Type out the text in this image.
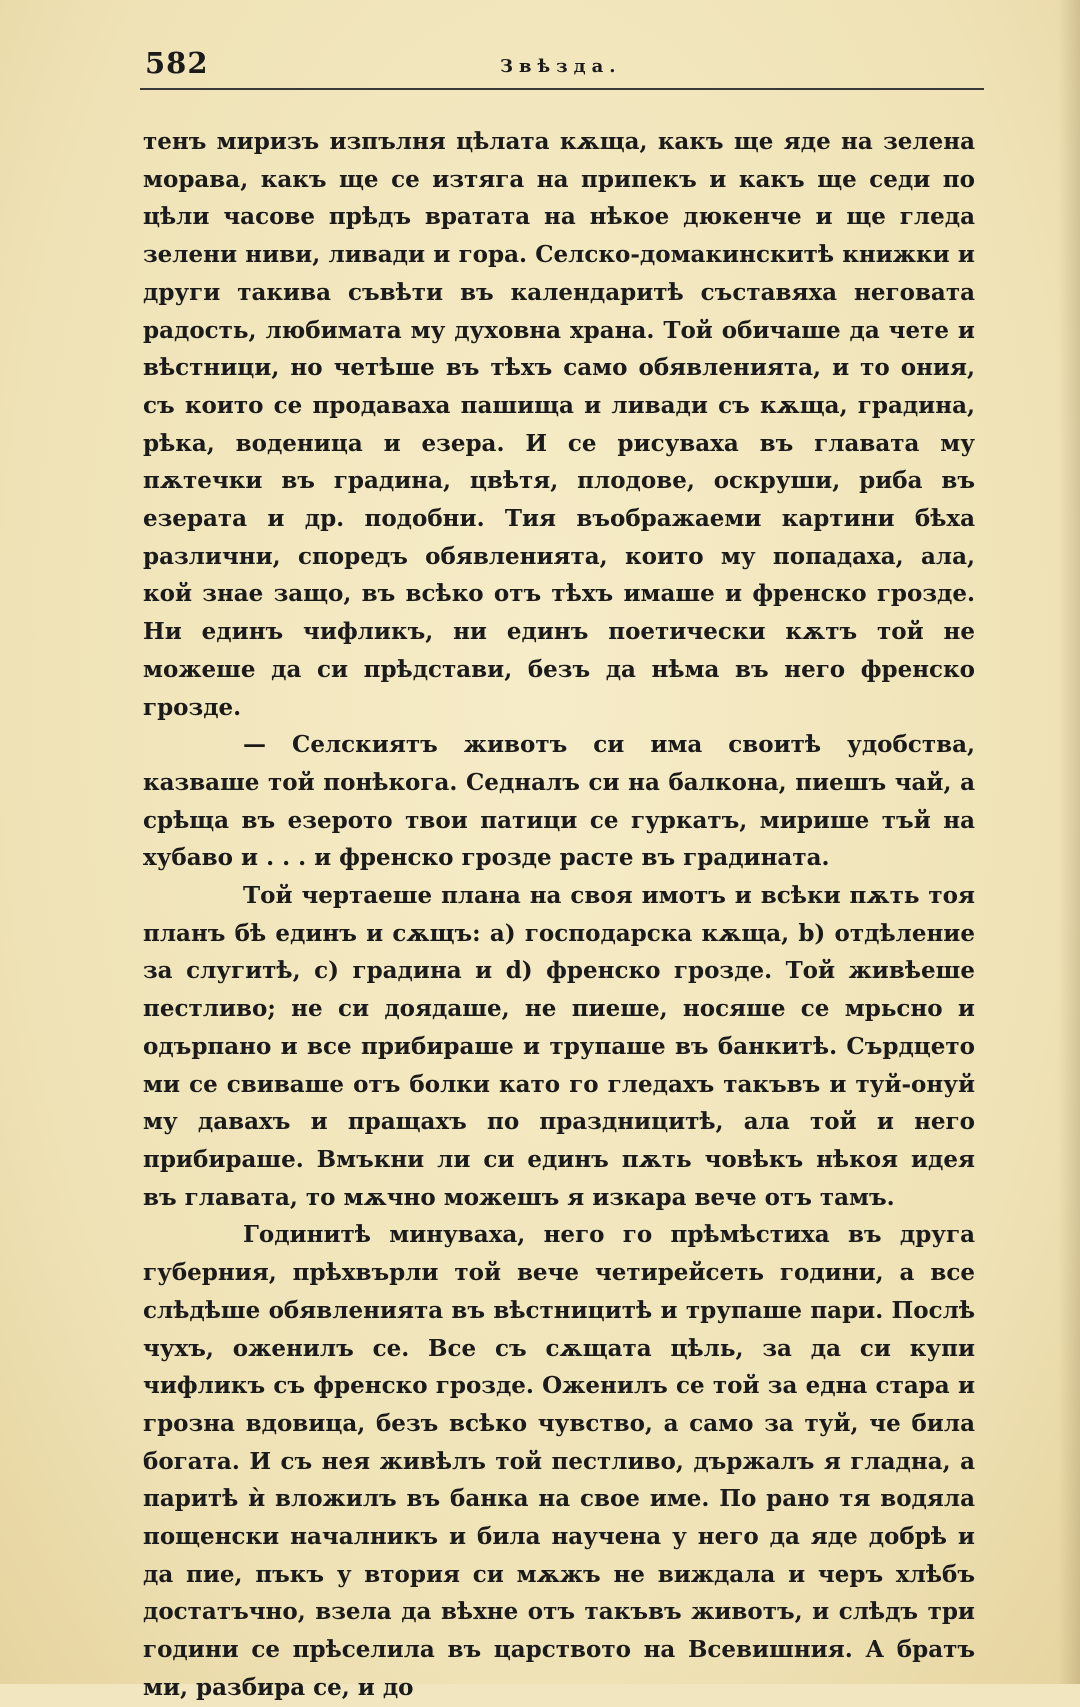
582	Звѣзда.

тенъ миризъ изпълня цѣлата кѫща, какъ ще яде на зелена морава, какъ ще се изтяга на припекъ и какъ ще седи по цѣли часове прѣдъ вратата на нѣкое дюкенче и ще гледа зелени ниви, ливади и гора. Селско-домакинскитѣ книжки и други такива съвѣти въ календаритѣ съставяха неговата радость, любимата му духовна храна. Той обичаше да чете и вѣстници, но четѣше въ тѣхъ само обявленията, и то ония, съ които се продаваха пашища и ливади съ кѫща, градина, рѣка, воденица и езера. И се рисуваха въ главата му пѫтечки въ градина, цвѣтя, плодове, оскруши, риба въ езерата и др. подобни. Тия въображаеми картини бѣха различни, споредъ обявленията, които му попадаха, ала, кой знае защо, въ всѣко отъ тѣхъ имаше и френско грозде. Ни единъ чифликъ, ни единъ поетически кѫтъ той не можеше да си прѣдстави, безъ да нѣма въ него френско грозде.

— Селскиятъ животъ си има своитѣ удобства, казваше той понѣкога. Седналъ си на балкона, пиешъ чай, а срѣща въ езерото твои патици се гуркатъ, мирише тъй на хубаво и . . . и френско грозде расте въ градината.

Той чертаеше плана на своя имотъ и всѣки пѫть тоя планъ бѣ единъ и сѫщъ: a) господарска кѫща, b) отдѣление за слугитѣ, c) градина и d) френско грозде. Той живѣеше пестливо; не си доядаше, не пиеше, носяше се мрьсно и одърпано и все прибираше и трупаше въ банкитѣ. Сърдцето ми се свиваше отъ болки като го гледахъ такъвъ и туй-онуй му давахъ и пращахъ по праздницитѣ, ала той и него прибираше. Вмъкни ли си единъ пѫть човѣкъ нѣкоя идея въ главата, то мѫчно можешъ я изкара вече отъ тамъ.

Годинитѣ минуваха, него го прѣмѣстиха въ друга губерния, прѣхвърли той вече четирейсеть години, а все слѣдѣше обявленията въ вѣстницитѣ и трупаше пари. Послѣ чухъ, оженилъ се. Все съ сѫщата цѣль, за да си купи чифликъ съ френско грозде. Оженилъ се той за една стара и грозна вдовица, безъ всѣко чувство, а само за туй, че била богата. И съ нея живѣлъ той пестливо, държалъ я гладна, а паритѣ ѝ вложилъ въ банка на свое име. По рано тя водяла пощенски началникъ и била научена у него да яде добрѣ и да пие, пъкъ у втория си мѫжъ не виждала и черъ хлѣбъ достатъчно, взела да вѣхне отъ такъвъ животъ, и слѣдъ три години се прѣселила въ царството на Всевишния. А братъ ми, разбира се, и до
